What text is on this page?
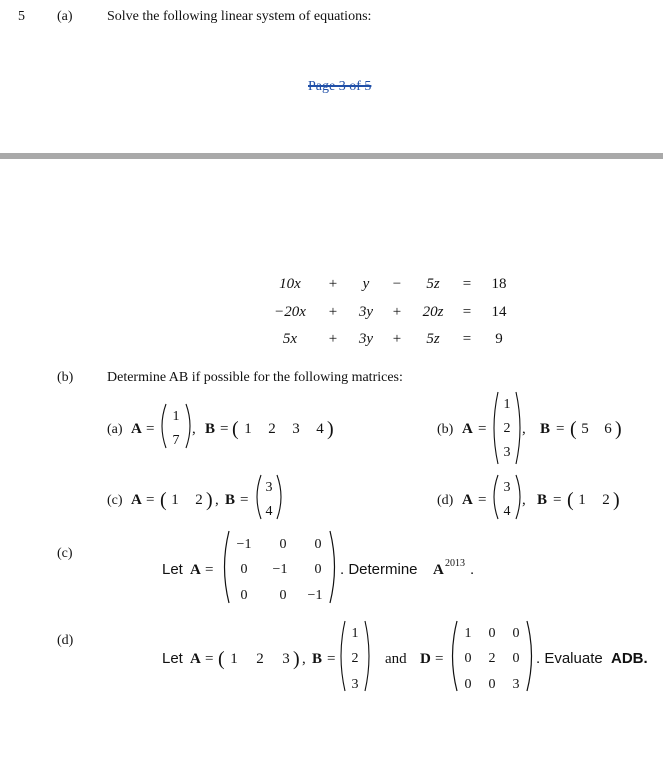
5 (a) Solve the following linear system of equations:
Page 3 of 5
10x + y − 5z = 18
−20x + 3y + 20z = 14
5x + 3y + 5z = 9
(b) Determine AB if possible for the following matrices:
(a) A =
1
7
, B = ( 1 2 3 4 )	(b) A =
1
2
3
, B = ( 5 6 )
(c) A = ( 1 2 ) , B =
3
4
(d) A =
3
4
, B = ( 1 2 )
(c)
Let A =
−1 0 0
0 −1 0
0 0 −1
. Determine A 2013 .
(d)
Let A = ( 1 2 3 ) , B =
1
2
3
and D =
1 0 0
0 2 0
0 0 3
. Evaluate ADB.
